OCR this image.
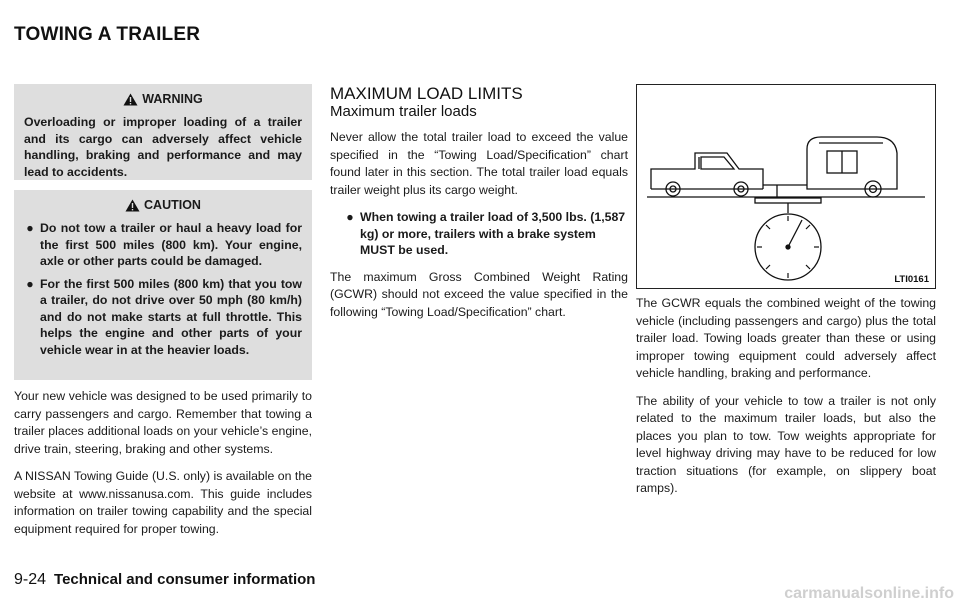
TOWING A TRAILER
WARNING
Overloading or improper loading of a trailer and its cargo can adversely affect vehicle handling, braking and performance and may lead to accidents.
CAUTION
● Do not tow a trailer or haul a heavy load for the first 500 miles (800 km). Your engine, axle or other parts could be damaged.
● For the first 500 miles (800 km) that you tow a trailer, do not drive over 50 mph (80 km/h) and do not make starts at full throttle. This helps the engine and other parts of your vehicle wear in at the heavier loads.

Your new vehicle was designed to be used primarily to carry passengers and cargo. Remember that towing a trailer places additional loads on your vehicle’s engine, drive train, steering, braking and other systems.

A NISSAN Towing Guide (U.S. only) is available on the website at www.nissanusa.com. This guide includes information on trailer towing capability and the special equipment required for proper towing.

MAXIMUM LOAD LIMITS
Maximum trailer loads

Never allow the total trailer load to exceed the value specified in the “Towing Load/Specification” chart found later in this section. The total trailer load equals trailer weight plus its cargo weight.

● When towing a trailer load of 3,500 lbs. (1,587 kg) or more, trailers with a brake system MUST be used.

The maximum Gross Combined Weight Rating (GCWR) should not exceed the value specified in the following “Towing Load/Specification” chart.

LTI0161

The GCWR equals the combined weight of the towing vehicle (including passengers and cargo) plus the total trailer load. Towing loads greater than these or using improper towing equipment could adversely affect vehicle handling, braking and performance.

The ability of your vehicle to tow a trailer is not only related to the maximum trailer loads, but also the places you plan to tow. Tow weights appropriate for level highway driving may have to be reduced for low traction situations (for example, on slippery boat ramps).

9-24 Technical and consumer information
carmanualsonline.info
